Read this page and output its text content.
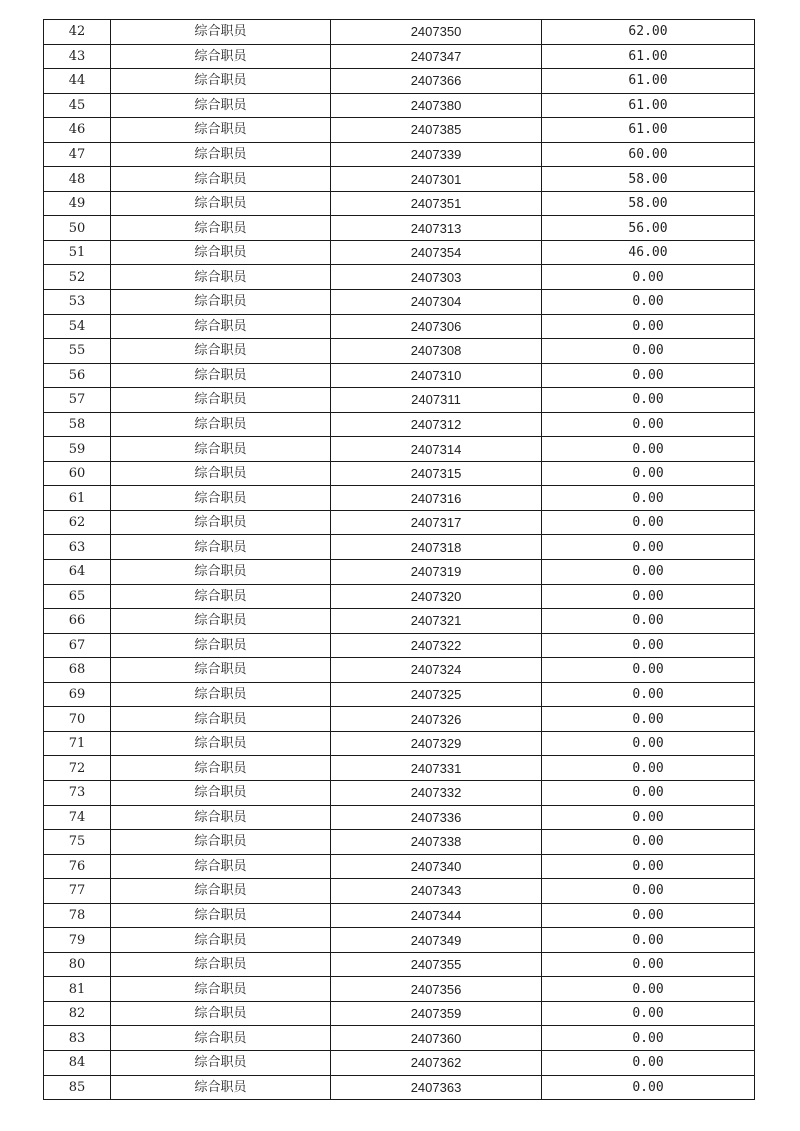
42	综合职员	2407350	62.00
43	综合职员	2407347	61.00
44	综合职员	2407366	61.00
45	综合职员	2407380	61.00
46	综合职员	2407385	61.00
47	综合职员	2407339	60.00
48	综合职员	2407301	58.00
49	综合职员	2407351	58.00
50	综合职员	2407313	56.00
51	综合职员	2407354	46.00
52	综合职员	2407303	0.00
53	综合职员	2407304	0.00
54	综合职员	2407306	0.00
55	综合职员	2407308	0.00
56	综合职员	2407310	0.00
57	综合职员	2407311	0.00
58	综合职员	2407312	0.00
59	综合职员	2407314	0.00
60	综合职员	2407315	0.00
61	综合职员	2407316	0.00
62	综合职员	2407317	0.00
63	综合职员	2407318	0.00
64	综合职员	2407319	0.00
65	综合职员	2407320	0.00
66	综合职员	2407321	0.00
67	综合职员	2407322	0.00
68	综合职员	2407324	0.00
69	综合职员	2407325	0.00
70	综合职员	2407326	0.00
71	综合职员	2407329	0.00
72	综合职员	2407331	0.00
73	综合职员	2407332	0.00
74	综合职员	2407336	0.00
75	综合职员	2407338	0.00
76	综合职员	2407340	0.00
77	综合职员	2407343	0.00
78	综合职员	2407344	0.00
79	综合职员	2407349	0.00
80	综合职员	2407355	0.00
81	综合职员	2407356	0.00
82	综合职员	2407359	0.00
83	综合职员	2407360	0.00
84	综合职员	2407362	0.00
85	综合职员	2407363	0.00
